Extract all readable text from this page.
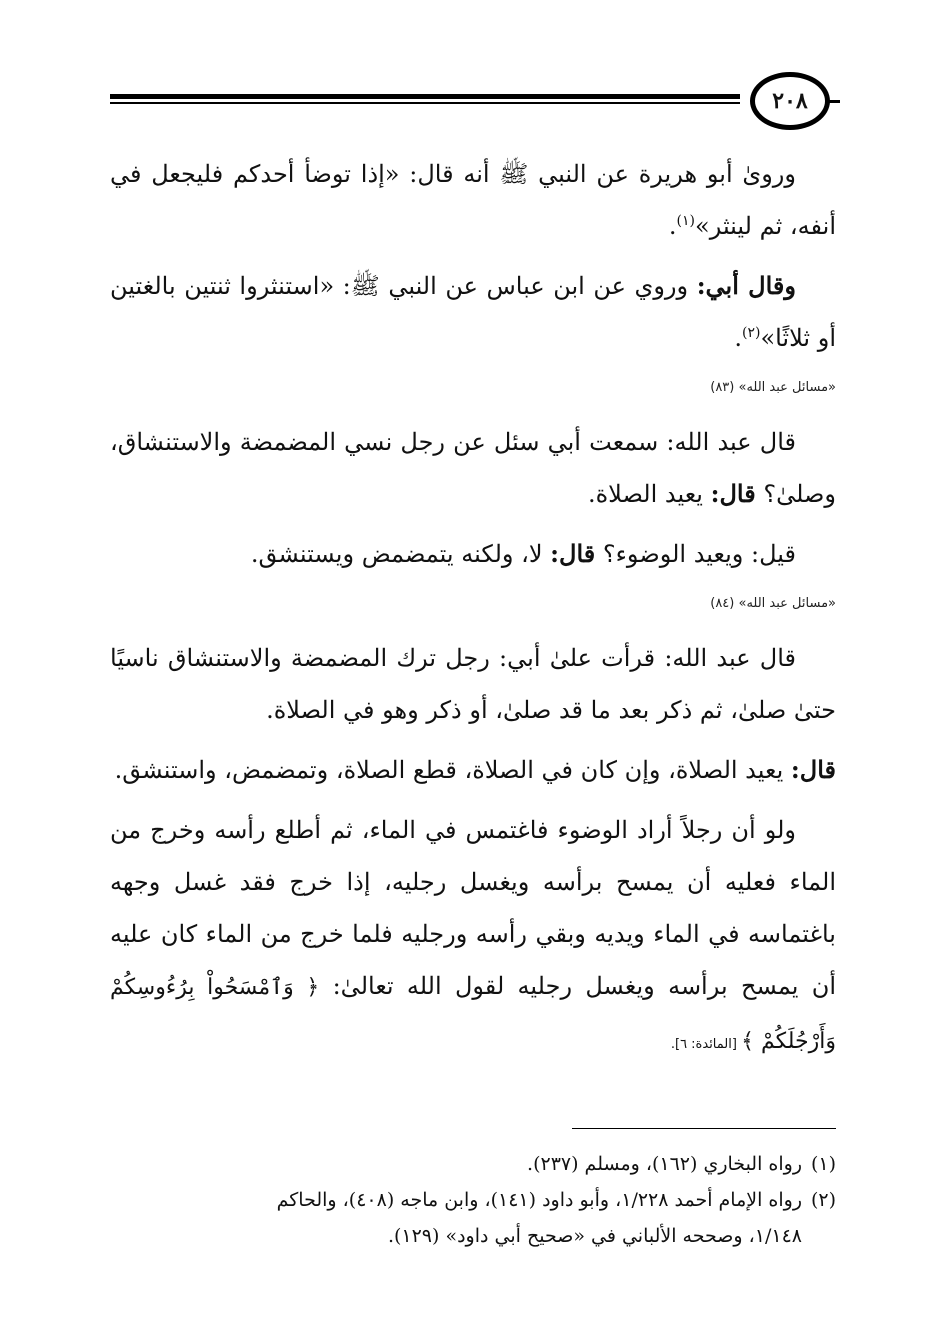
٢٠٨

وروىٰ أبو هريرة عن النبي ﷺ أنه قال: «إذا توضأ أحدكم فليجعل في أنفه، ثم لينثر»$^{(١)}$.

وقال أبي: وروي عن ابن عباس عن النبي ﷺ: «استنثروا ثنتين بالغتين أو ثلاثًا»$^{(٢)}$.

«مسائل عبد الله» (٨٣)

قال عبد الله: سمعت أبي سئل عن رجل نسي المضمضة والاستنشاق، وصلىٰ؟ قال: يعيد الصلاة.

قيل: ويعيد الوضوء؟ قال: لا، ولكنه يتمضمض ويستنشق.

«مسائل عبد الله» (٨٤)

قال عبد الله: قرأت علىٰ أبي: رجل ترك المضمضة والاستنشاق ناسيًا حتىٰ صلىٰ، ثم ذكر بعد ما قد صلىٰ، أو ذكر وهو في الصلاة.

قال: يعيد الصلاة، وإن كان في الصلاة، قطع الصلاة، وتمضمض، واستنشق.

ولو أن رجلاً أراد الوضوء فاغتمس في الماء، ثم أطلع رأسه وخرج من الماء فعليه أن يمسح برأسه ويغسل رجليه، إذا خرج فقد غسل وجهه باغتماسه في الماء ويديه وبقي رأسه ورجليه فلما خرج من الماء كان عليه أن يمسح برأسه ويغسل رجليه لقول الله تعالىٰ: ﴿ وَٱمْسَحُواْ بِرُءُوسِكُمْ وَأَرْجُلَكُمْ ﴾ [المائدة: ٦].

(١)رواه البخاري (١٦٢)، ومسلم (٢٣٧).
(٢)رواه الإمام أحمد ١/٢٢٨، وأبو داود (١٤١)، وابن ماجه (٤٠٨)، والحاكم
١/١٤٨، وصححه الألباني في «صحيح أبي داود» (١٢٩).
